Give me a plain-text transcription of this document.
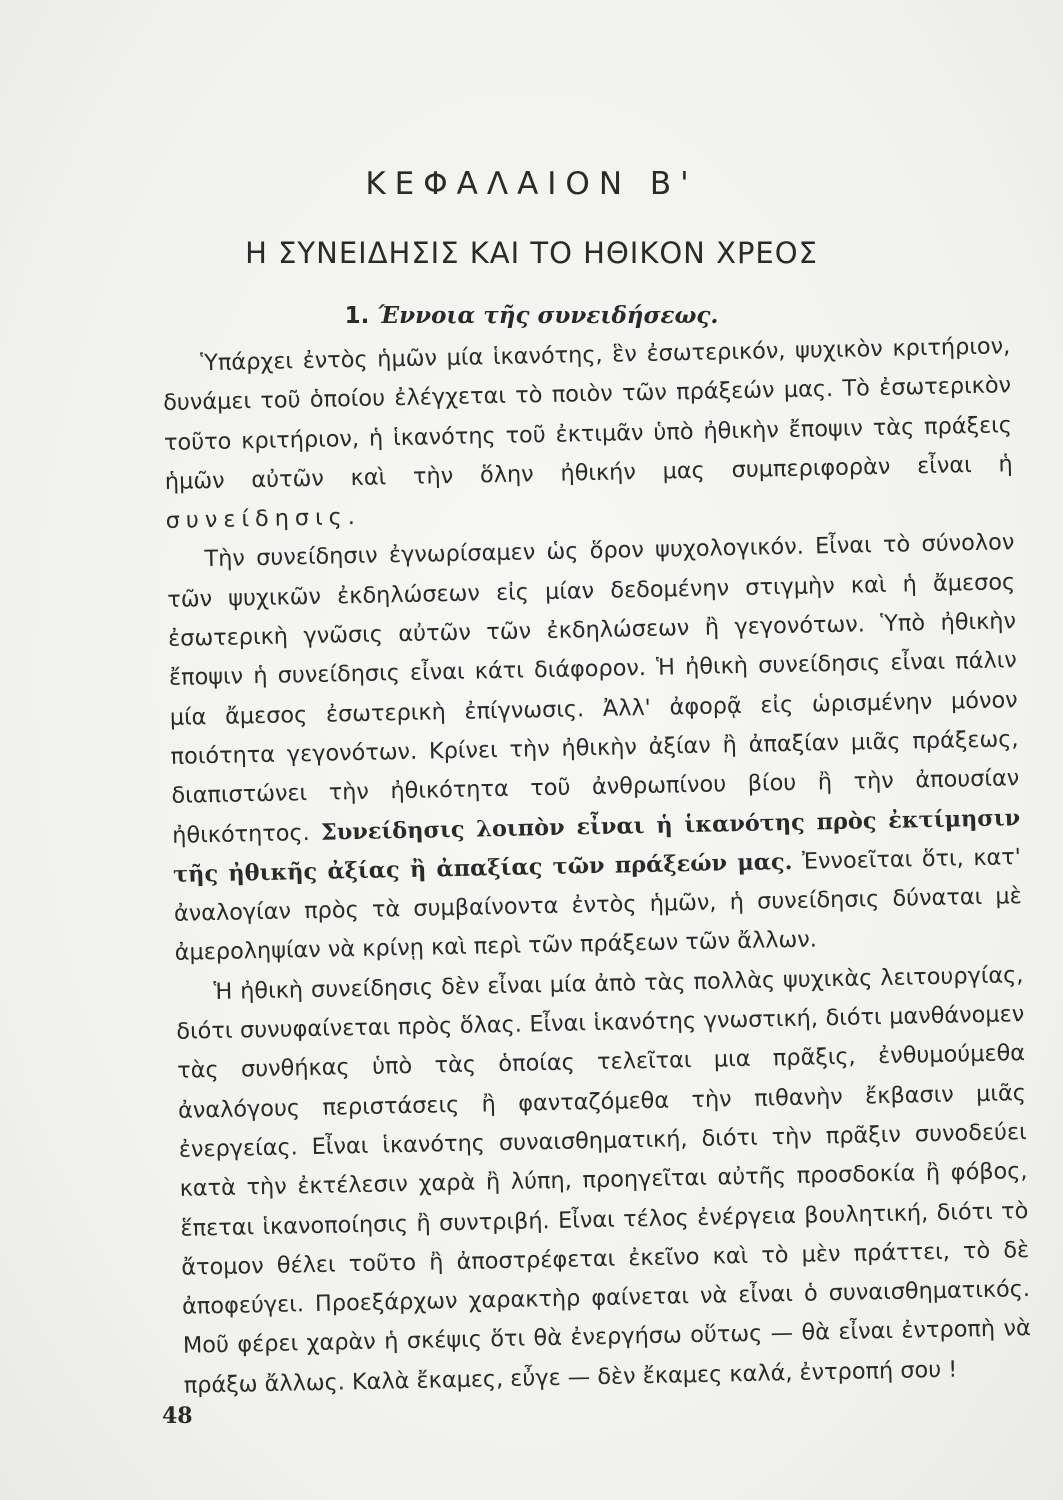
ΚΕΦΑΛΑΙΟΝ Β'
Η ΣΥΝΕΙΔΗΣΙΣ ΚΑΙ ΤΟ ΗΘΙΚΟΝ ΧΡΕΟΣ
1. Έννοια τῆς συνειδήσεως.

Ὑπάρχει ἐντὸς ἡμῶν μία ἱκανότης, ἓν ἐσωτερικόν, ψυχικὸν κριτήριον, δυνάμει τοῦ ὁποίου ἐλέγχεται τὸ ποιὸν τῶν πράξεών μας. Τὸ ἐσωτερικὸν τοῦτο κριτήριον, ἡ ἱκανότης τοῦ ἐκτιμᾶν ὑπὸ ἠθικὴν ἔποψιν τὰς πράξεις ἡμῶν αὐτῶν καὶ τὴν ὅλην ἠθικήν μας συμπεριφορὰν εἶναι ἡ συνείδησις.

Τὴν συνείδησιν ἐγνωρίσαμεν ὡς ὅρον ψυχολογικόν. Εἶναι τὸ σύνολον τῶν ψυχικῶν ἐκδηλώσεων εἰς μίαν δεδομένην στιγμὴν καὶ ἡ ἄμεσος ἐσωτερικὴ γνῶσις αὐτῶν τῶν ἐκδηλώσεων ἢ γεγονότων. Ὑπὸ ἠθικὴν ἔποψιν ἡ συνείδησις εἶναι κάτι διάφορον. Ἡ ἠθικὴ συνείδησις εἶναι πάλιν μία ἄμεσος ἐσωτερικὴ ἐπίγνωσις. Ἀλλ' ἀφορᾷ εἰς ὡρισμένην μόνον ποιότητα γεγονότων. Κρίνει τὴν ἠθικὴν ἀξίαν ἢ ἀπαξίαν μιᾶς πράξεως, διαπιστώνει τὴν ἠθικότητα τοῦ ἀνθρωπίνου βίου ἢ τὴν ἀπουσίαν ἠθικότητος. Συνείδησις λοιπὸν εἶναι ἡ ἱκανότης πρὸς ἐκτίμησιν τῆς ἠθικῆς ἀξίας ἢ ἀπαξίας τῶν πράξεών μας. Ἐννοεῖται ὅτι, κατ' ἀναλογίαν πρὸς τὰ συμβαίνοντα ἐντὸς ἡμῶν, ἡ συνείδησις δύναται μὲ ἀμεροληψίαν νὰ κρίνῃ καὶ περὶ τῶν πράξεων τῶν ἄλλων.

Ἡ ἠθικὴ συνείδησις δὲν εἶναι μία ἀπὸ τὰς πολλὰς ψυχικὰς λειτουργίας, διότι συνυφαίνεται πρὸς ὅλας. Εἶναι ἱκανότης γνωστική, διότι μανθάνομεν τὰς συνθήκας ὑπὸ τὰς ὁποίας τελεῖται μια πρᾶξις, ἐνθυμούμεθα ἀναλόγους περιστάσεις ἢ φανταζόμεθα τὴν πιθανὴν ἔκβασιν μιᾶς ἐνεργείας. Εἶναι ἱκανότης συναισθηματική, διότι τὴν πρᾶξιν συνοδεύει κατὰ τὴν ἐκτέλεσιν χαρὰ ἢ λύπη, προηγεῖται αὐτῆς προσδοκία ἢ φόβος, ἕπεται ἱκανοποίησις ἢ συντριβή. Εἶναι τέλος ἐνέργεια βουλητική, διότι τὸ ἄτομον θέλει τοῦτο ἢ ἀποστρέφεται ἐκεῖνο καὶ τὸ μὲν πράττει, τὸ δὲ ἀποφεύγει. Προεξάρχων χαρακτὴρ φαίνεται νὰ εἶναι ὁ συναισθηματικός. Μοῦ φέρει χαρὰν ἡ σκέψις ὅτι θὰ ἐνεργήσω οὕτως — θὰ εἶναι ἐντροπὴ νὰ πράξω ἄλλως. Καλὰ ἔκαμες, εὖγε — δὲν ἔκαμες καλά, ἐντροπή σου !

48
